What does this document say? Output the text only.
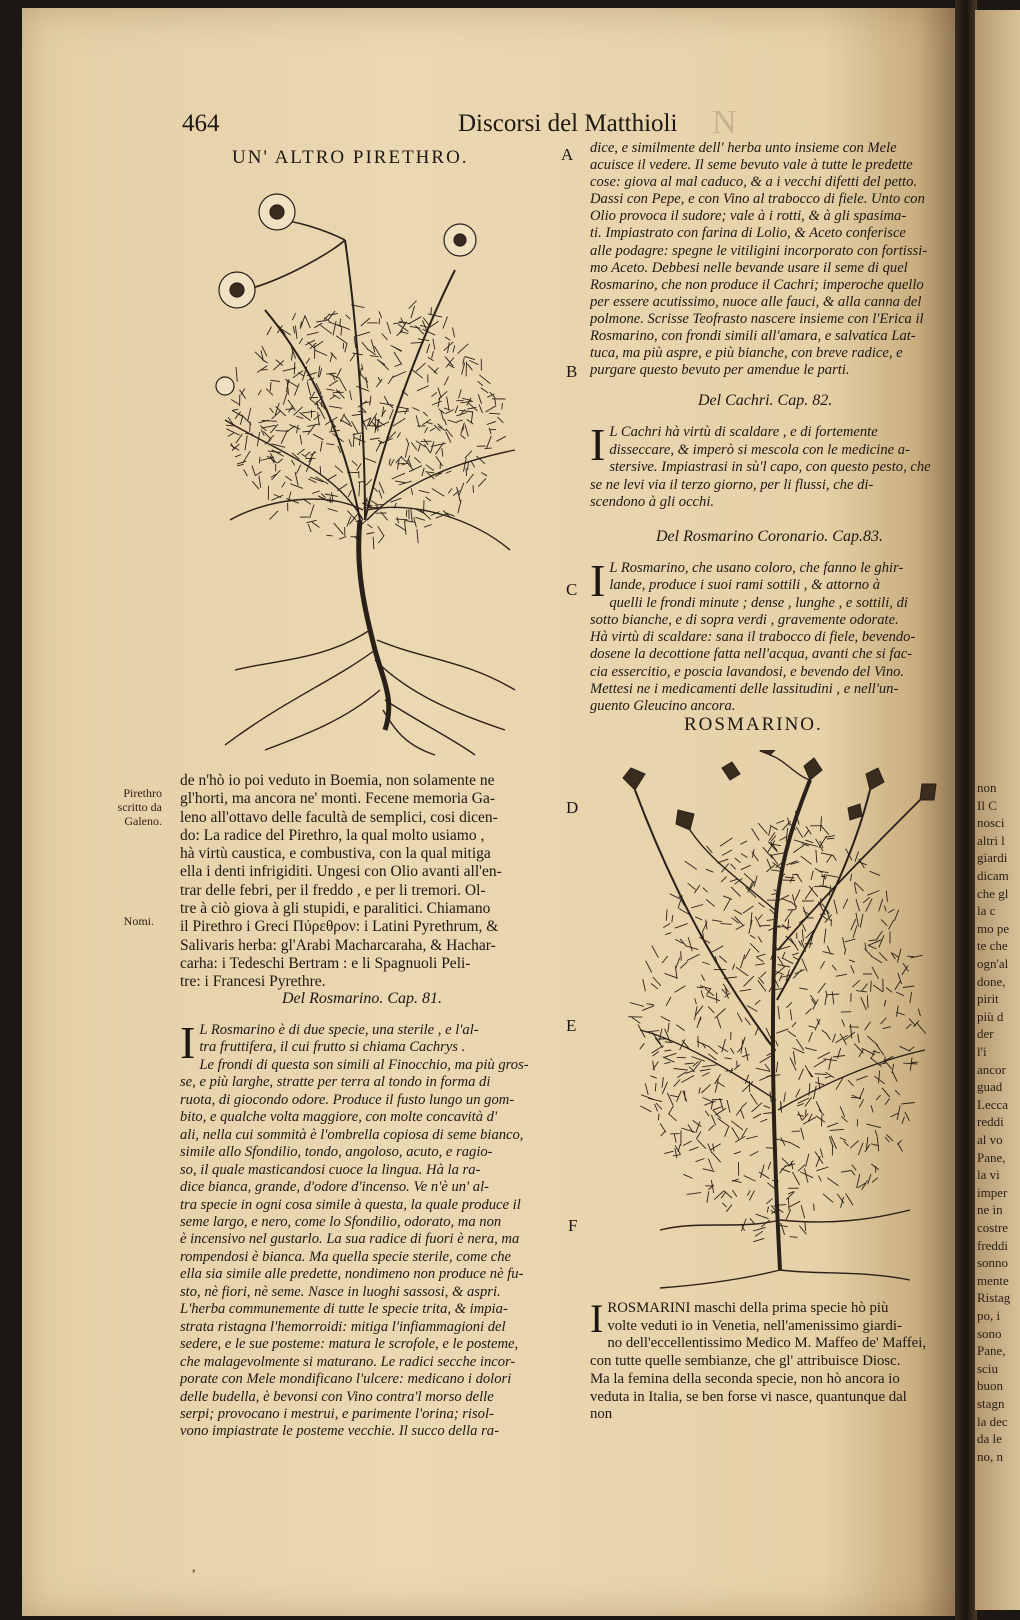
non
Il C
nosci
altri l
giardi
dicam
che gl
la c
mo pe
te che
ogn'al
done,
pirit
più d
der
l'i
ancor
guad
Lecca
reddi
al vo
Pane,
la vi
imper
ne in
costre
freddi
sonno
mente
Ristag
po, i
sono
Pane,
sciu
buon
stagn
la dec
da le
no, n
464	Discorsi del Matthioli N
UN' ALTRO PIRETHRO.
Pirethro
scritto da
Galeno.
Nomi.
A
B
C
D
E
F
de n'hò io poi veduto in Boemia, non solamente ne
gl'horti, ma ancora ne' monti. Fecene memoria Ga-
leno all'ottavo delle facultà de semplici, cosi dicen-
do: La radice del Pirethro, la qual molto usiamo ,
hà virtù caustica, e combustiva, con la qual mitiga
ella i denti infrigiditi. Ungesi con Olio avanti all'en-
trar delle febri, per il freddo , e per li tremori. Ol-
tre à ciò giova à gli stupidi, e paralitici. Chiamano
il Pirethro i Greci Πύρεθρον: i Latini Pyrethrum, &
Salivaris herba: gl'Arabi Macharcaraha, & Hachar-
carha: i Tedeschi Bertram : e li Spagnuoli Peli-
tre: i Francesi Pyrethre.
Del Rosmarino. Cap. 81.
I L Rosmarino è di due specie, una sterile , e l'al-
tra fruttifera, il cui frutto si chiama Cachrys .
Le frondi di questa son simili al Finocchio, ma più gros-
se, e più larghe, stratte per terra al tondo in forma di
ruota, di giocondo odore. Produce il fusto lungo un gom-
bito, e qualche volta maggiore, con molte concavità d'
ali, nella cui sommità è l'ombrella copiosa di seme bianco,
simile allo Sfondilio, tondo, angoloso, acuto, e ragio-
so, il quale masticandosi cuoce la lingua. Hà la ra-
dice bianca, grande, d'odore d'incenso. Ve n'è un' al-
tra specie in ogni cosa simile à questa, la quale produce il
seme largo, e nero, come lo Sfondilio, odorato, ma non
è incensivo nel gustarlo. La sua radice di fuori è nera, ma
rompendosi è bianca. Ma quella specie sterile, come che
ella sia simile alle predette, nondimeno non produce nè fu-
sto, nè fiori, nè seme. Nasce in luoghi sassosi, & aspri.
L'herba communemente di tutte le specie trita, & impia-
strata ristagna l'hemorroidi: mitiga l'infiammagioni del
sedere, e le sue posteme: matura le scrofole, e le posteme,
che malagevolmente si maturano. Le radici secche incor-
porate con Mele mondificano l'ulcere: medicano i dolori
delle budella, è bevonsi con Vino contra'l morso delle
serpi; provocano i mestrui, e parimente l'orina; risol-
vono impiastrate le posteme vecchie. Il succo della ra-
dice, e similmente dell' herba unto insieme con Mele
acuisce il vedere. Il seme bevuto vale à tutte le predette
cose: giova al mal caduco, & a i vecchi difetti del petto.
Dassi con Pepe, e con Vino al trabocco di fiele. Unto con
Olio provoca il sudore; vale à i rotti, & à gli spasima-
ti. Impiastrato con farina di Lolio, & Aceto conferisce
alle podagre: spegne le vitiligini incorporato con fortissi-
mo Aceto. Debbesi nelle bevande usare il seme di quel
Rosmarino, che non produce il Cachri; imperoche quello
per essere acutissimo, nuoce alle fauci, & alla canna del
polmone. Scrisse Teofrasto nascere insieme con l'Erica il
Rosmarino, con frondi simili all'amara, e salvatica Lat-
tuca, ma più aspre, e più bianche, con breve radice, e
purgare questo bevuto per amendue le parti.
Del Cachri. Cap. 82.
I L Cachri hà virtù di scaldare , e di fortemente
disseccare, & imperò si mescola con le medicine a-
stersive. Impiastrasi in sù'l capo, con questo pesto, che
se ne levi via il terzo giorno, per li flussi, che di-
scendono à gli occhi.
Del Rosmarino Coronario. Cap.83.
I L Rosmarino, che usano coloro, che fanno le ghir-
lande, produce i suoi rami sottili , & attorno à
quelli le frondi minute ; dense , lunghe , e sottili, di
sotto bianche, e di sopra verdi , gravemente odorate.
Hà virtù di scaldare: sana il trabocco di fiele, bevendo-
dosene la decottione fatta nell'acqua, avanti che si fac-
cia essercitio, e poscia lavandosi, e bevendo del Vino.
Mettesi ne i medicamenti delle lassitudini , e nell'un-
guento Gleucino ancora.
ROSMARINO.
I ROSMARINI maschi della prima specie hò più
volte veduti io in Venetia, nell'amenissimo giardi-
no dell'eccellentissimo Medico M. Maffeo de' Maffei,
con tutte quelle sembianze, che gl' attribuisce Diosc.
Ma la femina della seconda specie, non hò ancora io
veduta in Italia, se ben forse vi nasce, quantunque dal
non
,
